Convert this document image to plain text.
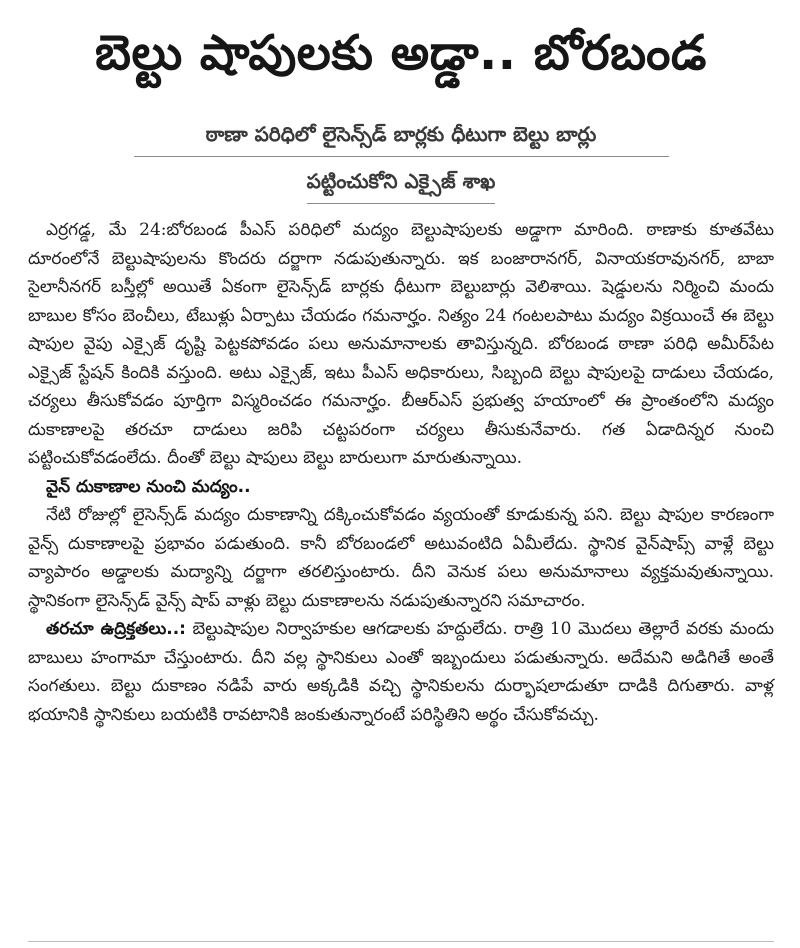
బెల్టు షాపులకు అడ్డా.. బోరబండ
ఠాణా పరిధిలో లైసెన్స్‌డ్ బార్లకు ధీటుగా బెల్టు బార్లు
పట్టించుకోని ఎక్సైజ్ శాఖ

ఎర్రగడ్డ, మే 24:బోరబండ పీఎస్ పరిధిలో మద్యం బెల్టుషాపులకు అడ్డాగా మారింది. ఠాణాకు కూతవేటు దూరంలోనే బెల్టుషాపులను కొందరు దర్జాగా నడుపుతున్నారు. ఇక బంజారానగర్, వినాయకరావునగర్, బాబా సైలానీనగర్ బస్తీల్లో అయితే ఏకంగా లైసెన్స్‌డ్ బార్లకు ధీటుగా బెల్టుబార్లు వెలిశాయి. షెడ్డులను నిర్మించి మందు బాబుల కోసం బెంచీలు, టేబుళ్లు ఏర్పాటు చేయడం గమనార్హం. నిత్యం 24 గంటలపాటు మద్యం విక్రయించే ఈ బెల్టు షాపుల వైపు ఎక్సైజ్ దృష్టి పెట్టకపోవడం పలు అనుమానాలకు తావిస్తున్నది. బోరబండ ఠాణా పరిధి అమీర్‌పేట ఎక్సైజ్ స్టేషన్ కిందికి వస్తుంది. అటు ఎక్సైజ్, ఇటు పీఎస్ అధికారులు, సిబ్బంది బెల్టు షాపులపై దాడులు చేయడం, చర్యలు తీసుకోవడం పూర్తిగా విస్మరించడం గమనార్హం. బీఆర్‌ఎస్ ప్రభుత్వ హయాంలో ఈ ప్రాంతంలోని మద్యం దుకాణాలపై తరచూ దాడులు జరిపి చట్టపరంగా చర్యలు తీసుకునేవారు. గత ఏడాదిన్నర నుంచి పట్టించుకోవడంలేదు. దీంతో బెల్టు షాపులు బెల్టు బారులుగా మారుతున్నాయి.

వైన్ దుకాణాల నుంచి మద్యం..

నేటి రోజుల్లో లైసెన్స్‌డ్ మద్యం దుకాణాన్ని దక్కించుకోవడం వ్యయంతో కూడుకున్న పని. బెల్టు షాపుల కారణంగా వైన్స్ దుకాణాలపై ప్రభావం పడుతుంది. కానీ బోరబండలో అటువంటిది ఏమీలేదు. స్థానిక వైన్‌షాప్స్ వాళ్లే బెల్టు వ్యాపారం అడ్డాలకు మద్యాన్ని దర్జాగా తరలిస్తుంటారు. దీని వెనుక పలు అనుమానాలు వ్యక్తమవుతున్నాయి. స్థానికంగా లైసెన్స్‌డ్ వైన్స్ షాప్ వాళ్లు బెల్టు దుకాణాలను నడుపుతున్నారని సమాచారం.

తరచూ ఉద్రిక్తతలు..: బెల్టుషాపుల నిర్వాహకుల ఆగడాలకు హద్దులేదు. రాత్రి 10 మొదలు తెల్లారే వరకు మందు బాబులు హంగామా చేస్తుంటారు. దీని వల్ల స్థానికులు ఎంతో ఇబ్బందులు పడుతున్నారు. అదేమని అడిగితే అంతే సంగతులు. బెల్టు దుకాణం నడిపే వారు అక్కడికి వచ్చి స్థానికులను దుర్భాషలాడుతూ దాడికి దిగుతారు. వాళ్ల భయానికి స్థానికులు బయటికి రావటానికి జంకుతున్నారంటే పరిస్థితిని అర్థం చేసుకోవచ్చు.
